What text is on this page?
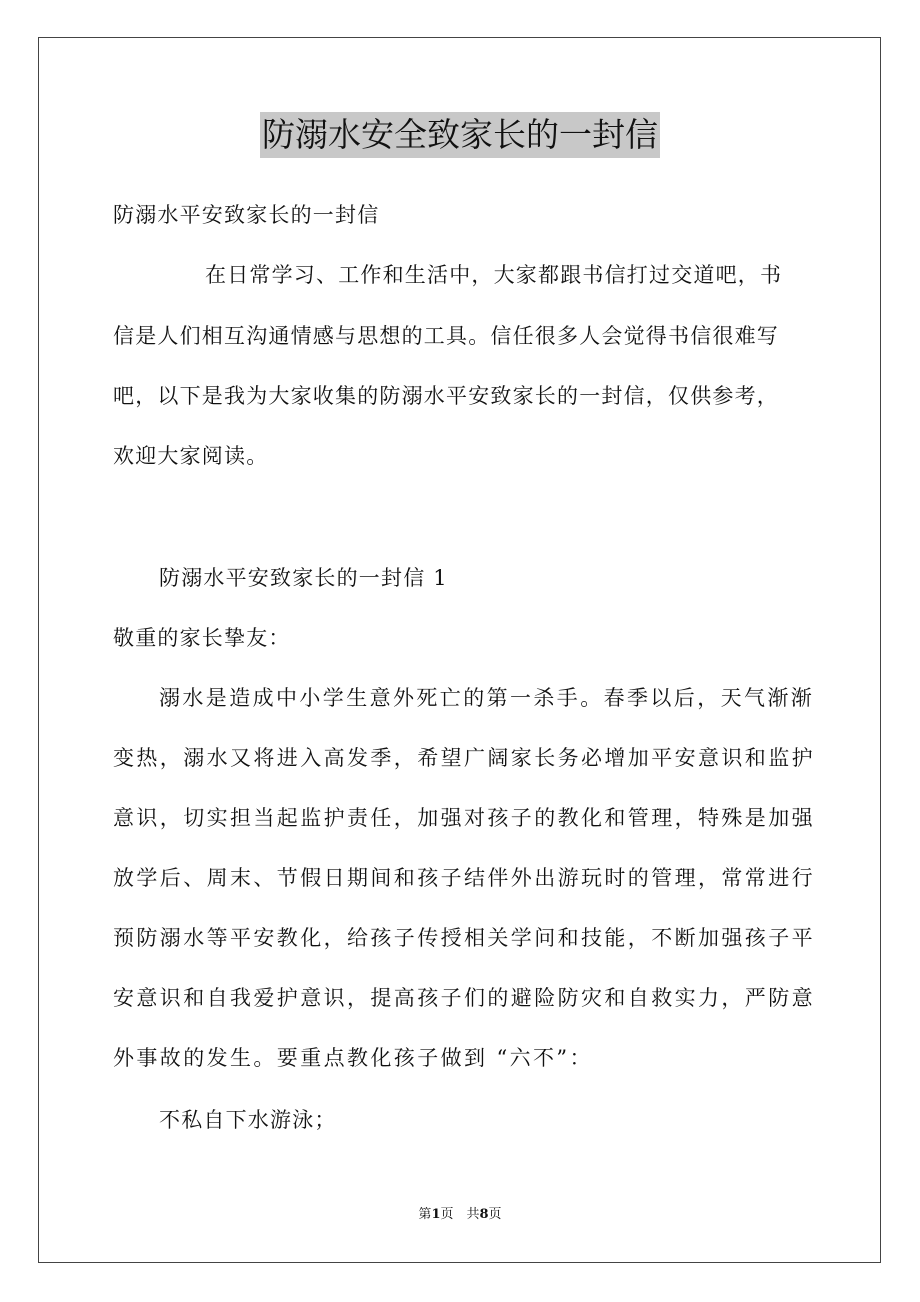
防溺水安全致家长的一封信
防溺水平安致家长的一封信
在日常学习、工作和生活中，大家都跟书信打过交道吧，书
信是人们相互沟通情感与思想的工具。信任很多人会觉得书信很难写
吧，以下是我为大家收集的防溺水平安致家长的一封信，仅供参考，
欢迎大家阅读。
防溺水平安致家长的一封信 1
敬重的家长挚友：
溺水是造成中小学生意外死亡的第一杀手。春季以后，天气渐渐
变热，溺水又将进入高发季，希望广阔家长务必增加平安意识和监护
意识，切实担当起监护责任，加强对孩子的教化和管理，特殊是加强
放学后、周末、节假日期间和孩子结伴外出游玩时的管理，常常进行
预防溺水等平安教化，给孩子传授相关学问和技能，不断加强孩子平
安意识和自我爱护意识，提高孩子们的避险防灾和自救实力，严防意
外事故的发生。要重点教化孩子做到 “六不”：
不私自下水游泳；
第1页　共8页
